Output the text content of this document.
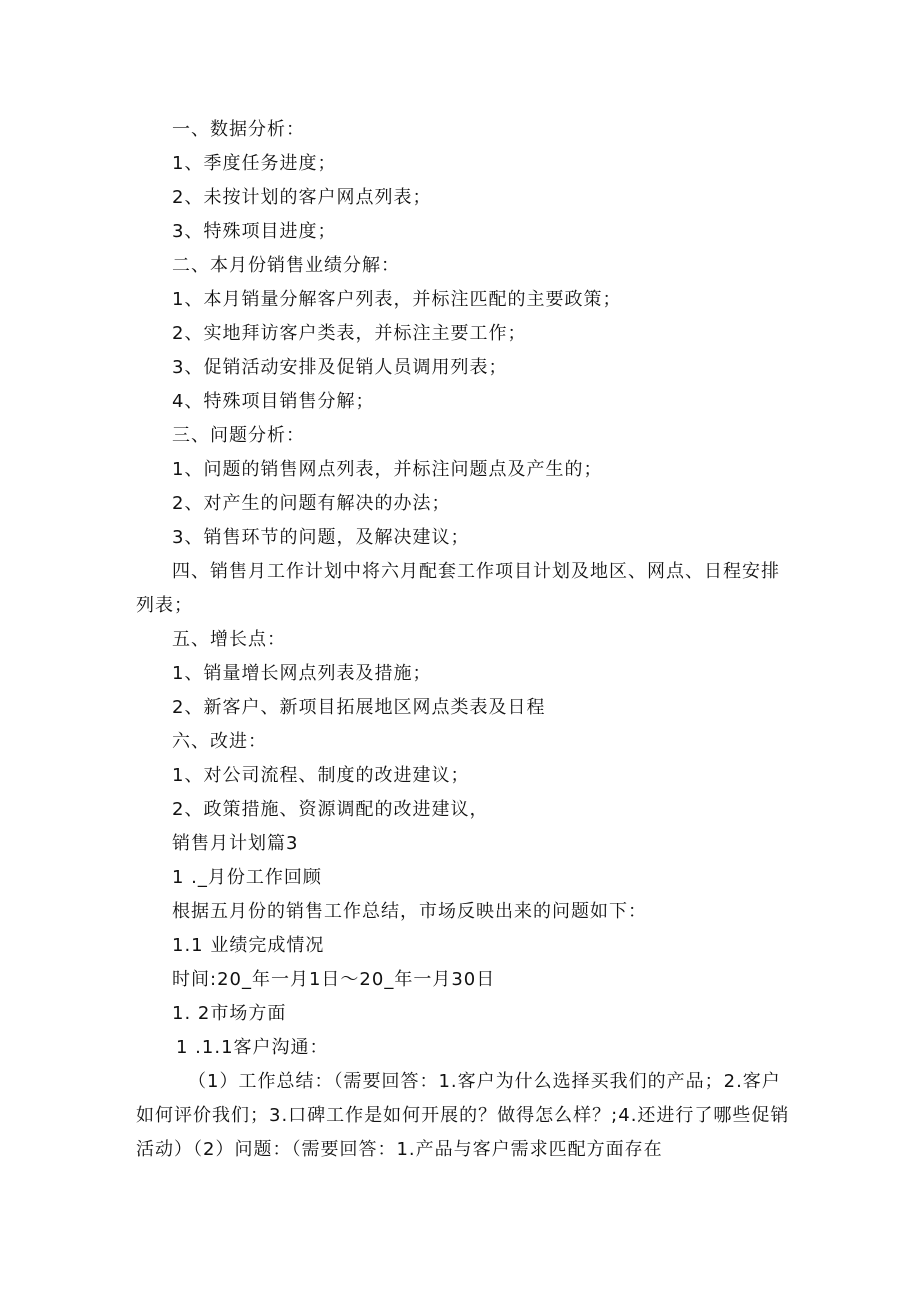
一、数据分析：
1、季度任务进度；
2、未按计划的客户网点列表；
3、特殊项目进度；
二、本月份销售业绩分解：
1、本月销量分解客户列表，并标注匹配的主要政策；
2、实地拜访客户类表，并标注主要工作；
3、促销活动安排及促销人员调用列表；
4、特殊项目销售分解；
三、问题分析：
1、问题的销售网点列表，并标注问题点及产生的；
2、对产生的问题有解决的办法；
3、销售环节的问题，及解决建议；
四、销售月工作计划中将六月配套工作项目计划及地区、网点、日程安排列表；
五、增长点：
1、销量增长网点列表及措施；
2、新客户、新项目拓展地区网点类表及日程
六、改进：
1、对公司流程、制度的改进建议；
2、政策措施、资源调配的改进建议，
销售月计划篇3
1 ._月份工作回顾
根据五月份的销售工作总结，市场反映出来的问题如下：
1.1 业绩完成情况
时间:20_年一月1日～20_年一月30日
1. 2市场方面
1 .1.1客户沟通：
（1）工作总结：（需要回答：1.客户为什么选择买我们的产品；2.客户如何评价我们；3.口碑工作是如何开展的？做得怎么样？;4.还进行了哪些促销活动）（2）问题：（需要回答：1.产品与客户需求匹配方面存在
